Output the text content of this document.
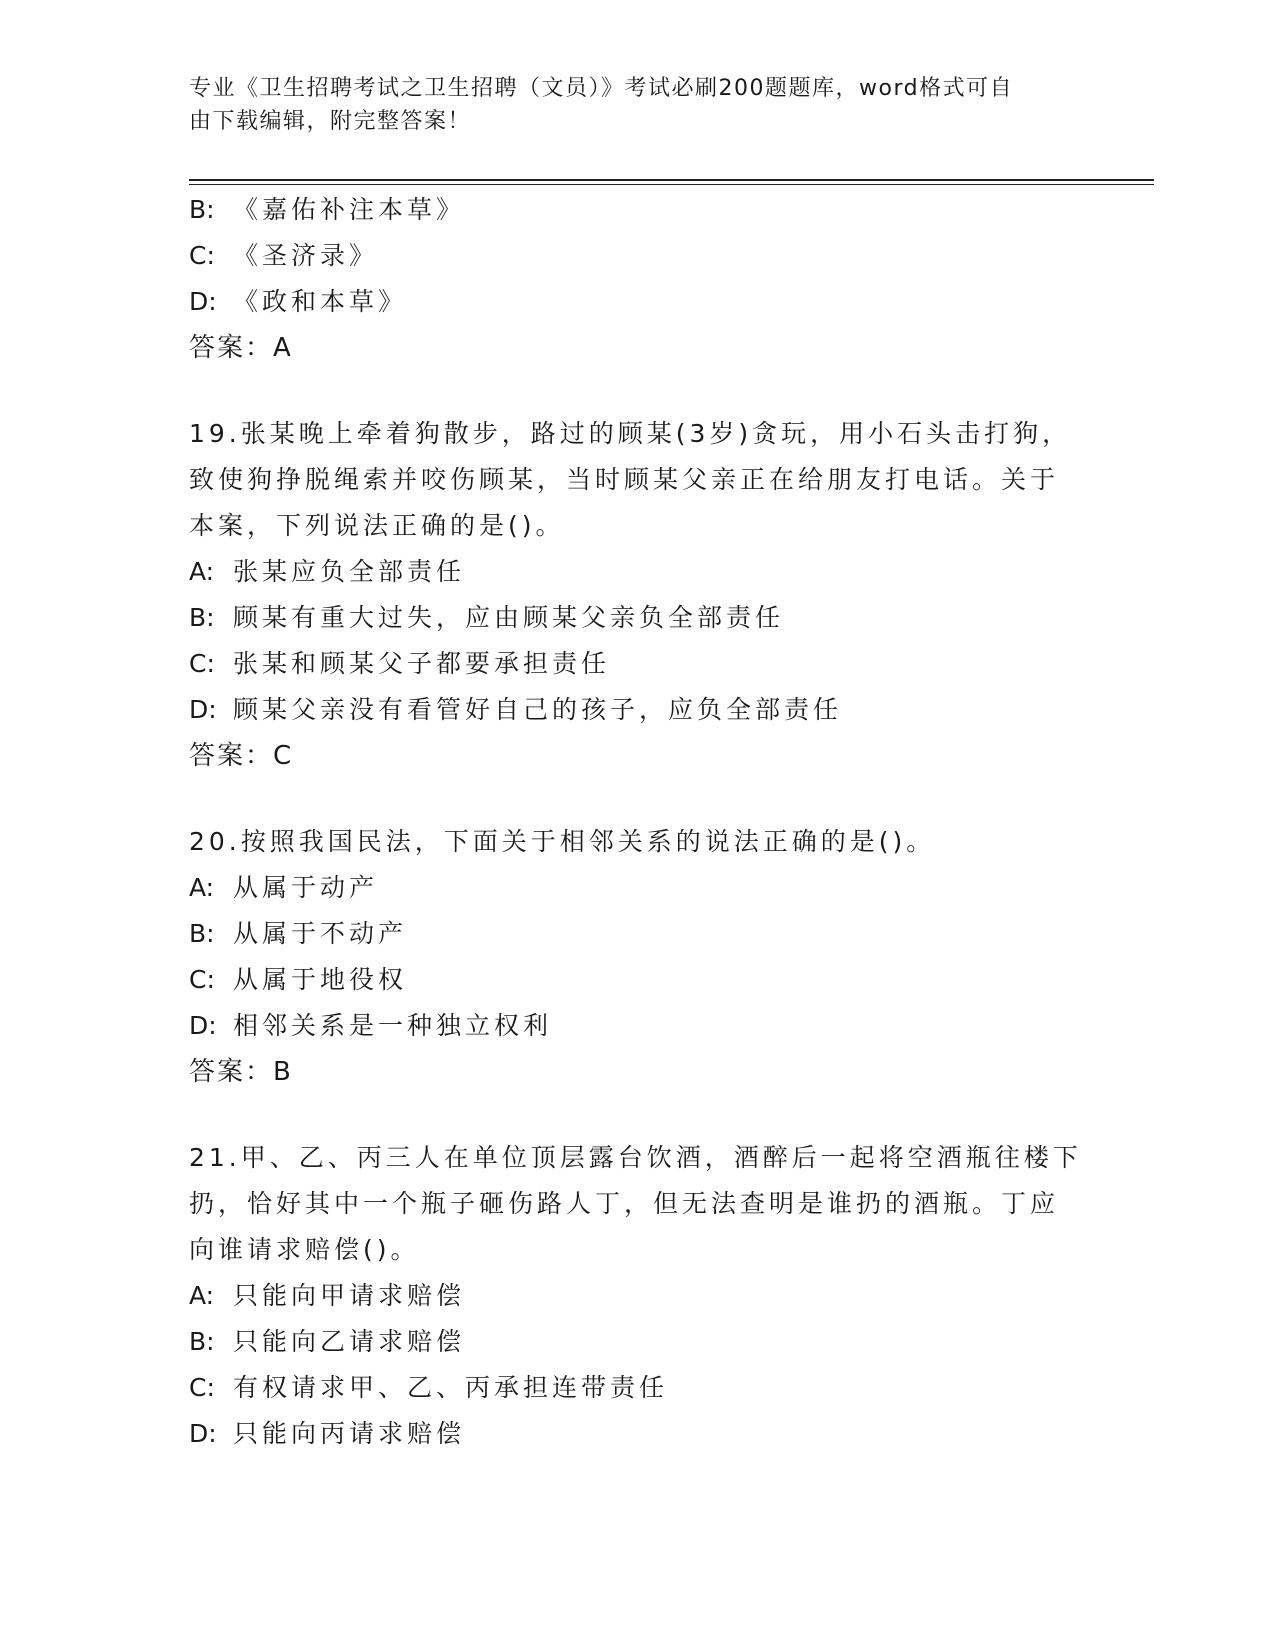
专业《卫生招聘考试之卫生招聘（文员）》考试必刷200题题库，word格式可自
由下载编辑，附完整答案！
B: 《嘉佑补注本草》
C: 《圣济录》
D: 《政和本草》
答案：A
19.张某晚上牵着狗散步，路过的顾某(3岁)贪玩，用小石头击打狗，
致使狗挣脱绳索并咬伤顾某，当时顾某父亲正在给朋友打电话。关于
本案，下列说法正确的是()。
A: 张某应负全部责任
B: 顾某有重大过失，应由顾某父亲负全部责任
C: 张某和顾某父子都要承担责任
D: 顾某父亲没有看管好自己的孩子，应负全部责任
答案：C
20.按照我国民法，下面关于相邻关系的说法正确的是()。
A: 从属于动产
B: 从属于不动产
C: 从属于地役权
D: 相邻关系是一种独立权利
答案：B
21.甲、乙、丙三人在单位顶层露台饮酒，酒醉后一起将空酒瓶往楼下
扔，恰好其中一个瓶子砸伤路人丁，但无法查明是谁扔的酒瓶。丁应
向谁请求赔偿()。
A: 只能向甲请求赔偿
B: 只能向乙请求赔偿
C: 有权请求甲、乙、丙承担连带责任
D: 只能向丙请求赔偿
